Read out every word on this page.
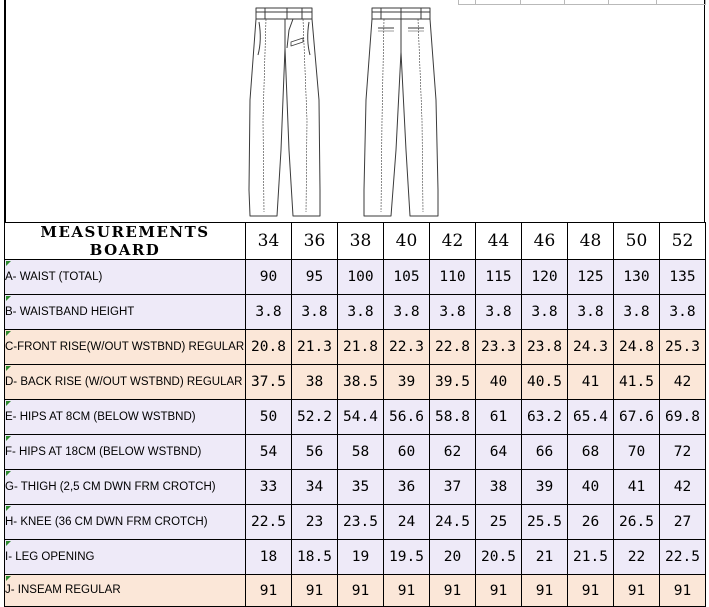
MEASUREMENTS BOARD	34	36	38	40	42	44	46	48	50	52

A- WAIST (TOTAL)	90	95	100	105	110	115	120	125	130	135

B- WAISTBAND HEIGHT	3.8	3.8	3.8	3.8	3.8	3.8	3.8	3.8	3.8	3.8

C-FRONT RISE(W/OUT WSTBND) REGULAR	20.8	21.3	21.8	22.3	22.8	23.3	23.8	24.3	24.8	25.3

D- BACK RISE (W/OUT WSTBND) REGULAR	37.5	38	38.5	39	39.5	40	40.5	41	41.5	42

E- HIPS AT 8CM (BELOW WSTBND)	50	52.2	54.4	56.6	58.8	61	63.2	65.4	67.6	69.8

F- HIPS AT 18CM (BELOW WSTBND)	54	56	58	60	62	64	66	68	70	72

G- THIGH (2,5 CM DWN FRM CROTCH)	33	34	35	36	37	38	39	40	41	42

H- KNEE (36 CM DWN FRM CROTCH)	22.5	23	23.5	24	24.5	25	25.5	26	26.5	27

I- LEG OPENING	18	18.5	19	19.5	20	20.5	21	21.5	22	22.5

J- INSEAM REGULAR	91	91	91	91	91	91	91	91	91	91
